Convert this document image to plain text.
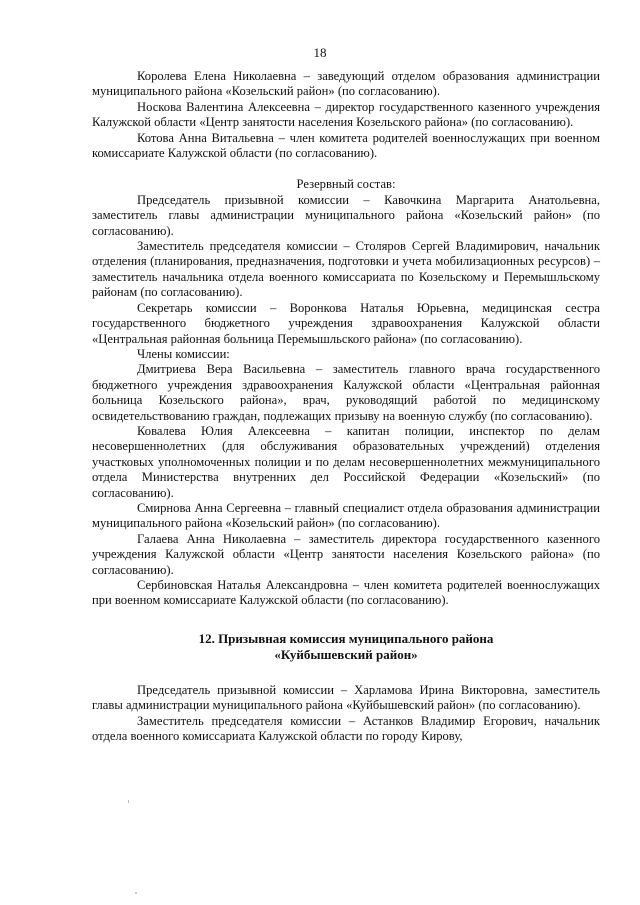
18

Королева Елена Николаевна – заведующий отделом образования администрации муниципального района «Козельский район» (по согласованию).

Носкова Валентина Алексеевна – директор государственного казенного учреждения Калужской области «Центр занятости населения Козельского района» (по согласованию).

Котова Анна Витальевна – член комитета родителей военнослужащих при военном комиссариате Калужской области (по согласованию).

Резервный состав:

Председатель призывной комиссии – Кавочкина Маргарита Анатольевна, заместитель главы администрации муниципального района «Козельский район» (по согласованию).

Заместитель председателя комиссии – Столяров Сергей Владимирович, начальник отделения (планирования, предназначения, подготовки и учета мобилизационных ресурсов) – заместитель начальника отдела военного комиссариата по Козельскому и Перемышльскому районам (по согласованию).

Секретарь комиссии – Воронкова Наталья Юрьевна, медицинская сестра государственного бюджетного учреждения здравоохранения Калужской области «Центральная районная больница Перемышльского района» (по согласованию).

Члены комиссии:

Дмитриева Вера Васильевна – заместитель главного врача государственного бюджетного учреждения здравоохранения Калужской области «Центральная районная больница Козельского района», врач, руководящий работой по медицинскому освидетельствованию граждан, подлежащих призыву на военную службу (по согласованию).

Ковалева Юлия Алексеевна – капитан полиции, инспектор по делам несовершеннолетних (для обслуживания образовательных учреждений) отделения участковых уполномоченных полиции и по делам несовершеннолетних межмуниципального отдела Министерства внутренних дел Российской Федерации «Козельский» (по согласованию).

Смирнова Анна Сергеевна – главный специалист отдела образования администрации муниципального района «Козельский район» (по согласованию).

Галаева Анна Николаевна – заместитель директора государственного казенного учреждения Калужской области «Центр занятости населения Козельского района» (по согласованию).

Сербиновская Наталья Александровна – член комитета родителей военнослужащих при военном комиссариате Калужской области (по согласованию).

12. Призывная комиссия муниципального района
«Куйбышевский район»

Председатель призывной комиссии – Харламова Ирина Викторовна, заместитель главы администрации муниципального района «Куйбышевский район» (по согласованию).

Заместитель председателя комиссии – Астанков Владимир Егорович, начальник отдела военного комиссариата Калужской области по городу Кирову,
